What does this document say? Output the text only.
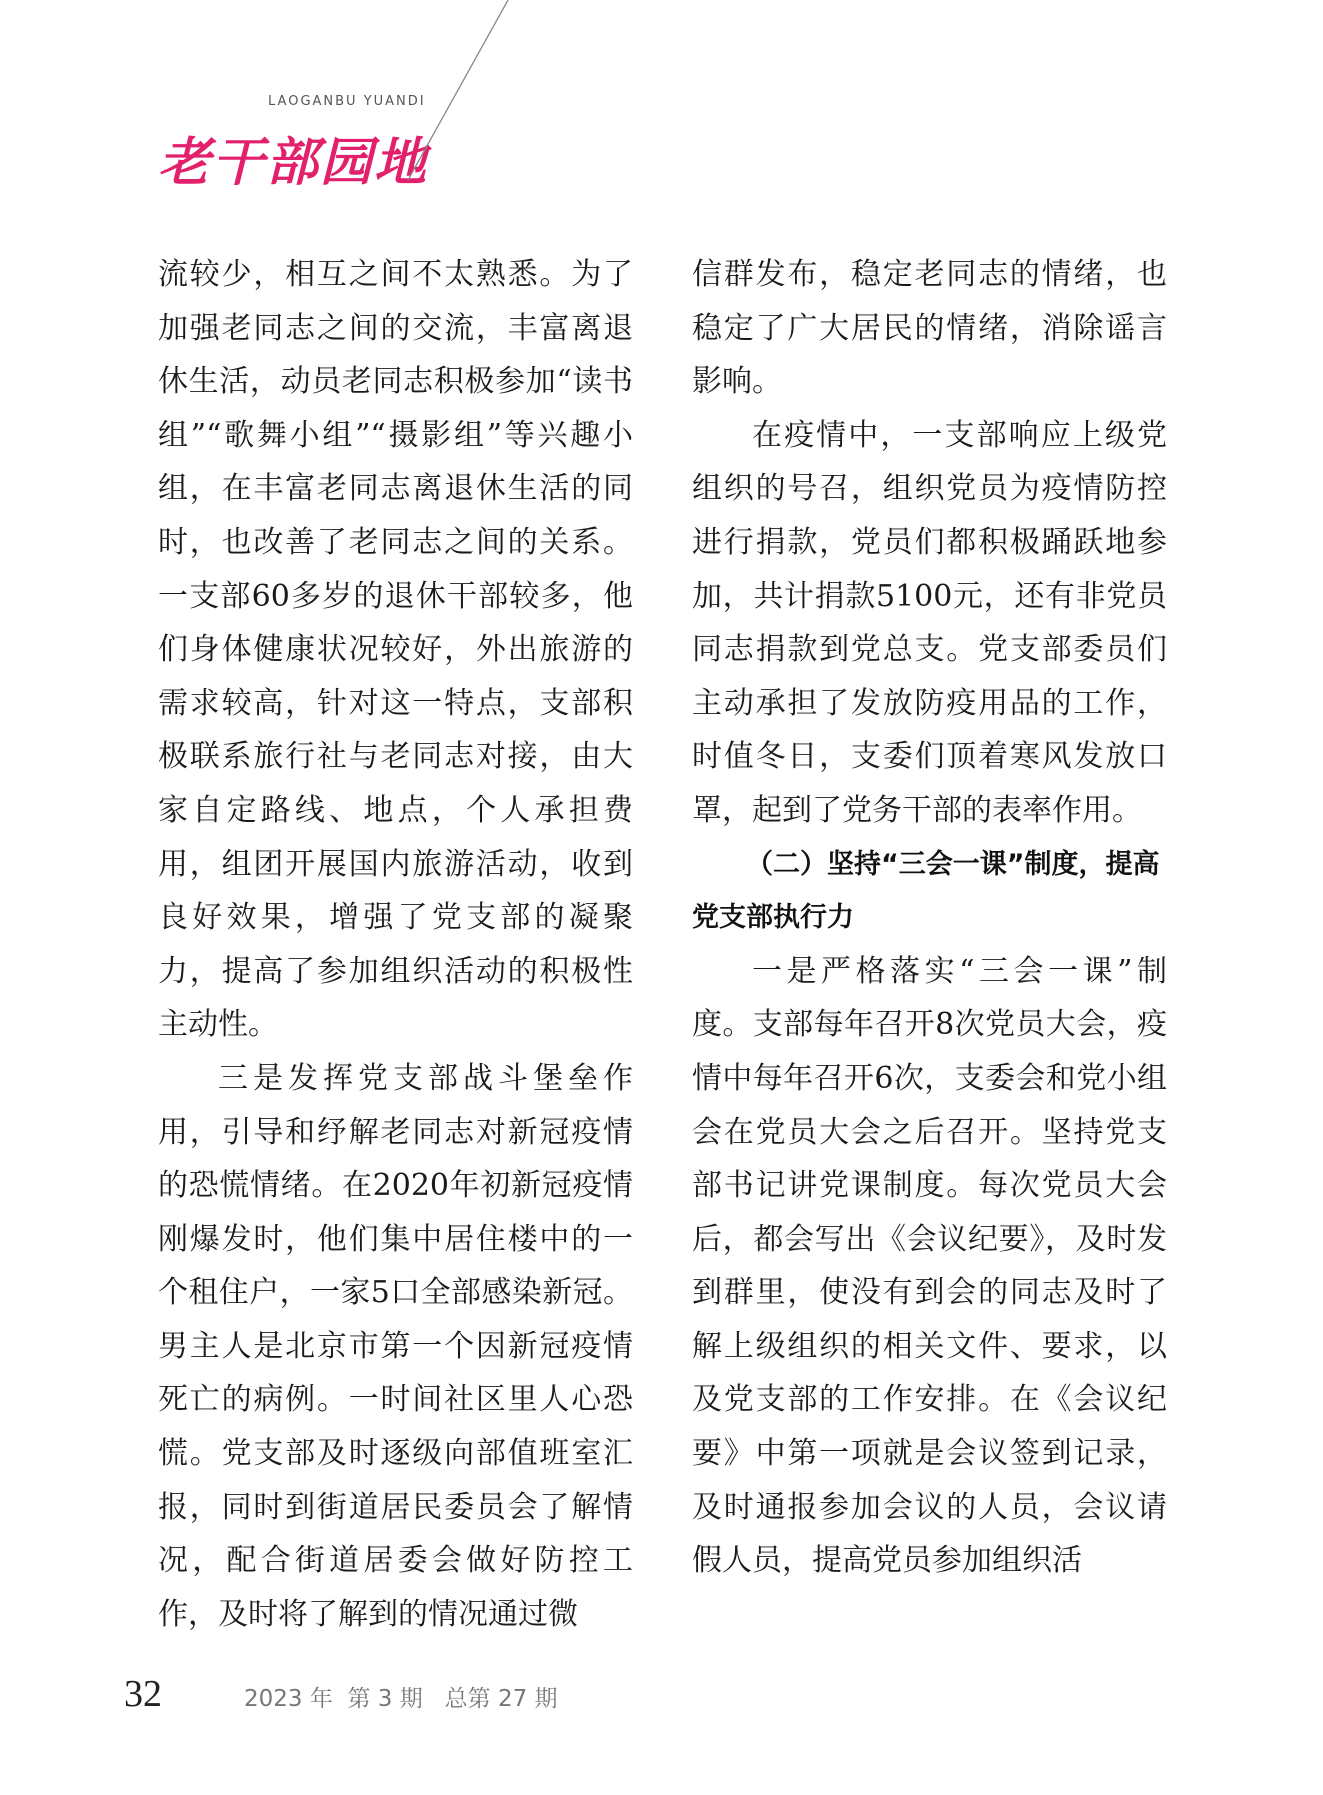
LAOGANBU YUANDI
老干部园地

流较少，相互之间不太熟悉。为了加强老同志之间的交流，丰富离退休生活，动员老同志积极参加“读书组”“歌舞小组”“摄影组”等兴趣小组，在丰富老同志离退休生活的同时，也改善了老同志之间的关系。一支部60多岁的退休干部较多，他们身体健康状况较好，外出旅游的需求较高，针对这一特点，支部积极联系旅行社与老同志对接，由大家自定路线、地点，个人承担费用，组团开展国内旅游活动，收到良好效果，增强了党支部的凝聚力，提高了参加组织活动的积极性主动性。

三是发挥党支部战斗堡垒作用，引导和纾解老同志对新冠疫情的恐慌情绪。在2020年初新冠疫情刚爆发时，他们集中居住楼中的一个租住户，一家5口全部感染新冠。男主人是北京市第一个因新冠疫情死亡的病例。一时间社区里人心恐慌。党支部及时逐级向部值班室汇报，同时到街道居民委员会了解情况，配合街道居委会做好防控工作，及时将了解到的情况通过微

信群发布，稳定老同志的情绪，也稳定了广大居民的情绪，消除谣言影响。

在疫情中，一支部响应上级党组织的号召，组织党员为疫情防控进行捐款，党员们都积极踊跃地参加，共计捐款5100元，还有非党员同志捐款到党总支。党支部委员们主动承担了发放防疫用品的工作，时值冬日，支委们顶着寒风发放口罩，起到了党务干部的表率作用。

（二）坚持“三会一课”制度，提高党支部执行力

一是严格落实“三会一课”制度。支部每年召开8次党员大会，疫情中每年召开6次，支委会和党小组会在党员大会之后召开。坚持党支部书记讲党课制度。每次党员大会后，都会写出《会议纪要》，及时发到群里，使没有到会的同志及时了解上级组织的相关文件、要求，以及党支部的工作安排。在《会议纪要》中第一项就是会议签到记录，及时通报参加会议的人员，会议请假人员，提高党员参加组织活

32	2023 年  第 3 期   总第 27 期
